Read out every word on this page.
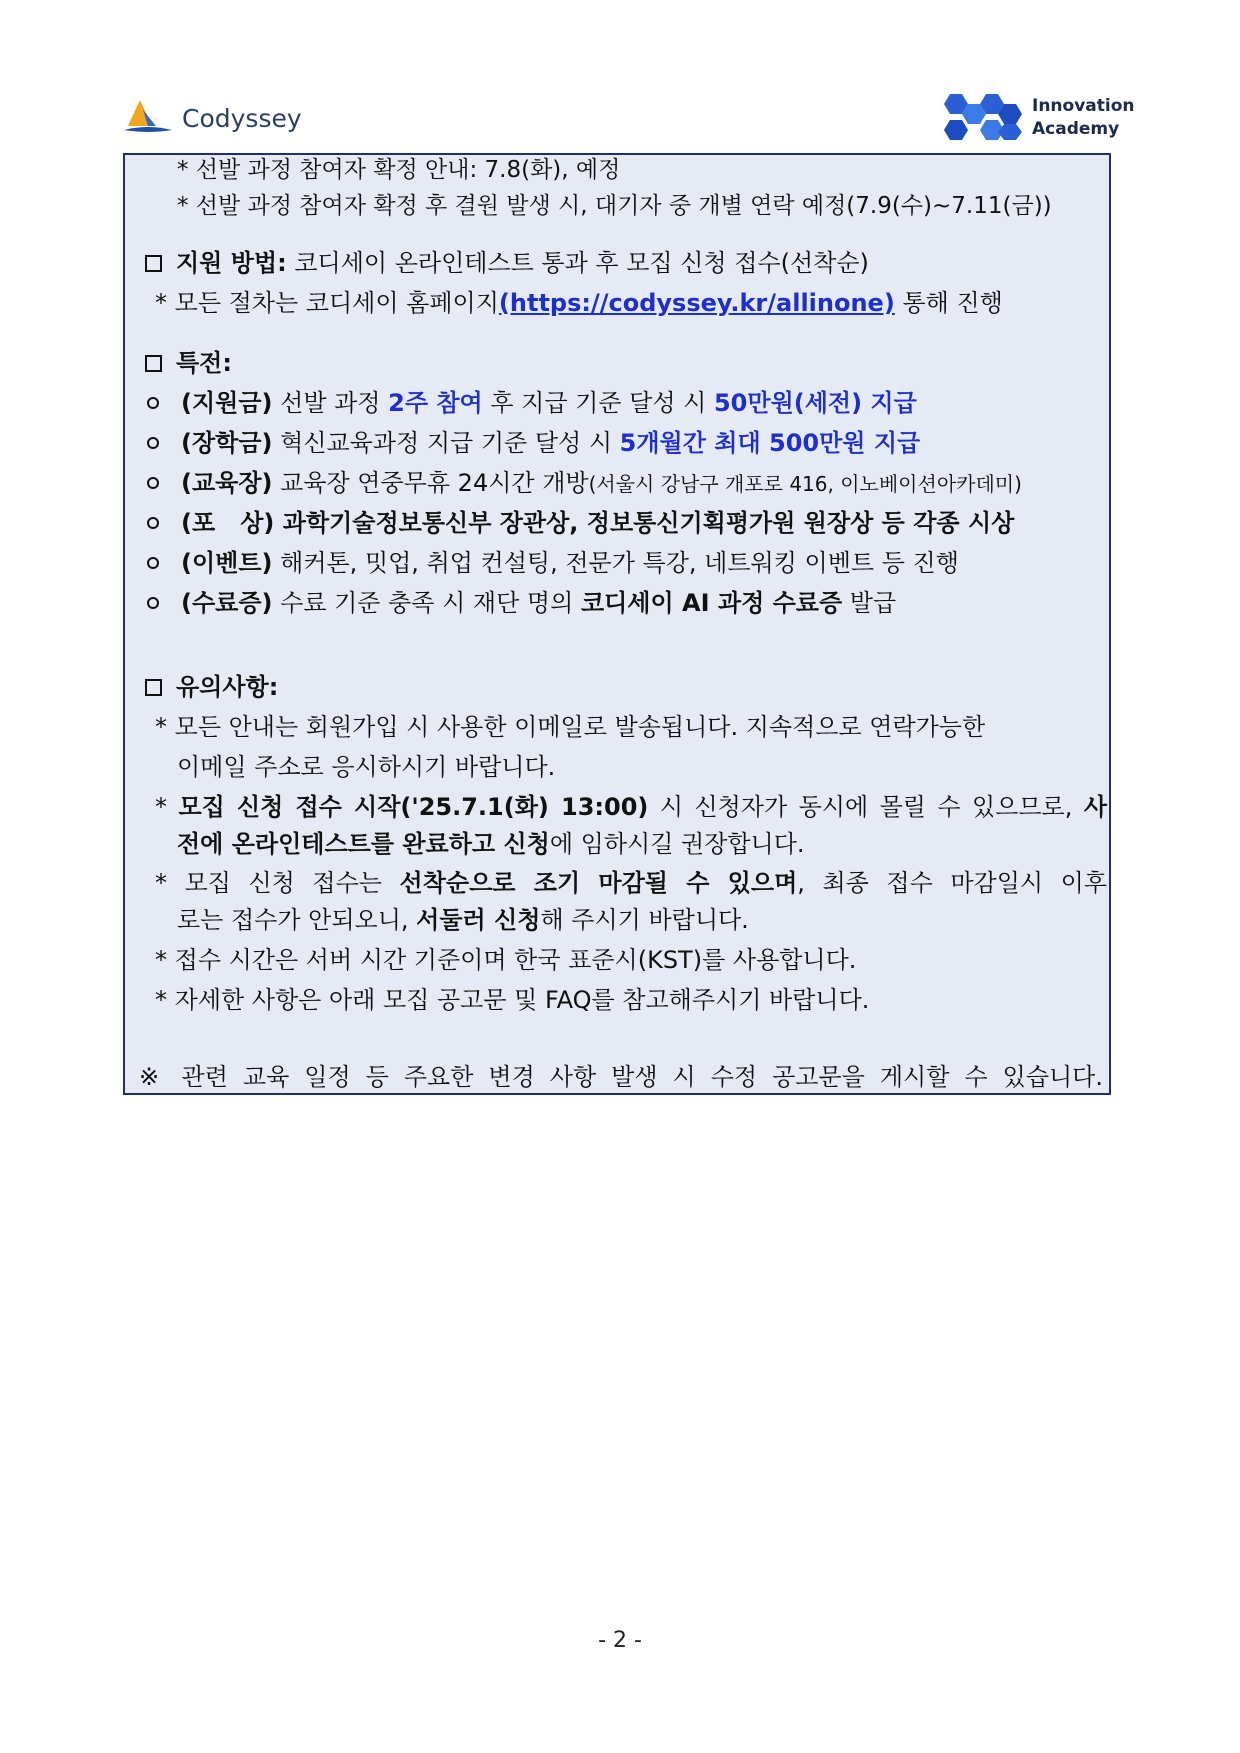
Codyssey	Innovation
Academy
* 선발 과정 참여자 확정 안내: 7.8(화), 예정
* 선발 과정 참여자 확정 후 결원 발생 시, 대기자 중 개별 연락 예정(7.9(수)~7.11(금))
지원 방법: 코디세이 온라인테스트 통과 후 모집 신청 접수(선착순)
* 모든 절차는 코디세이 홈페이지(https://codyssey.kr/allinone) 통해 진행
특전:
(지원금) 선발 과정 2주 참여 후 지급 기준 달성 시 50만원(세전) 지급
(장학금) 혁신교육과정 지급 기준 달성 시 5개월간 최대 500만원 지급
(교육장) 교육장 연중무휴 24시간 개방(서울시 강남구 개포로 416, 이노베이션아카데미)
(포   상) 과학기술정보통신부 장관상, 정보통신기획평가원 원장상 등 각종 시상
(이벤트) 해커톤, 밋업, 취업 컨설팅, 전문가 특강, 네트워킹 이벤트 등 진행
(수료증) 수료 기준 충족 시 재단 명의 코디세이 AI 과정 수료증 발급
유의사항:
* 모든 안내는 회원가입 시 사용한 이메일로 발송됩니다. 지속적으로 연락가능한
이메일 주소로 응시하시기 바랍니다.
* 모집 신청 접수 시작('25.7.1(화) 13:00) 시 신청자가 동시에 몰릴 수 있으므로, 사
전에 온라인테스트를 완료하고 신청에 임하시길 권장합니다.
* 모집 신청 접수는 선착순으로 조기 마감될 수 있으며, 최종 접수 마감일시 이후
로는 접수가 안되오니, 서둘러 신청해 주시기 바랍니다.
* 접수 시간은 서버 시간 기준이며 한국 표준시(KST)를 사용합니다.
* 자세한 사항은 아래 모집 공고문 및 FAQ를 참고해주시기 바랍니다.
※ 관련 교육 일정 등 주요한 변경 사항 발생 시 수정 공고문을 게시할 수 있습니다.
- 2 -
